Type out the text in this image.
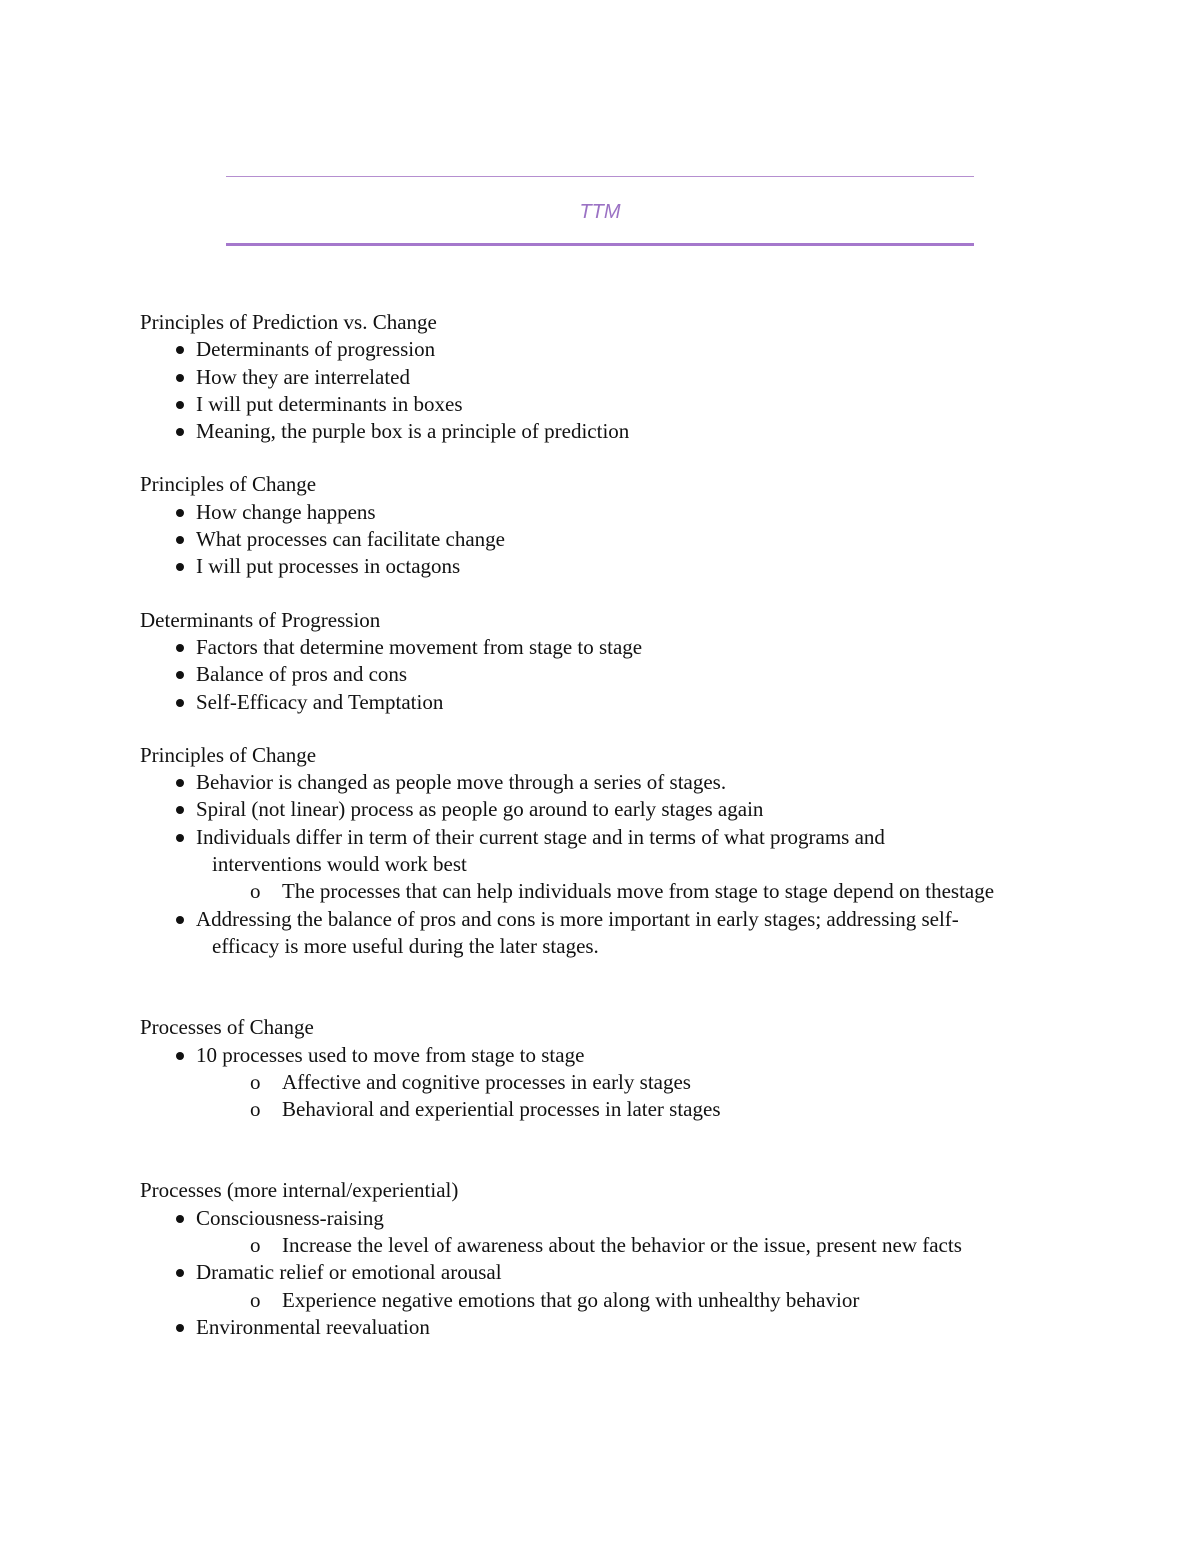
TTM

Principles of Prediction vs. Change

Determinants of progression
How they are interrelated
I will put determinants in boxes
Meaning, the purple box is a principle of prediction

Principles of Change

How change happens
What processes can facilitate change
I will put processes in octagons

Determinants of Progression

Factors that determine movement from stage to stage
Balance of pros and cons
Self-Efficacy and Temptation

Principles of Change

Behavior is changed as people move through a series of stages.
Spiral (not linear) process as people go around to early stages again
Individuals differ in term of their current stage and in terms of what programs and
interventions would work best
o The processes that can help individuals move from stage to stage depend on thestage
Addressing the balance of pros and cons is more important in early stages; addressing self-
efficacy is more useful during the later stages.

Processes of Change

10 processes used to move from stage to stage
o Affective and cognitive processes in early stages
o Behavioral and experiential processes in later stages

Processes (more internal/experiential)

Consciousness-raising
o Increase the level of awareness about the behavior or the issue, present new facts
Dramatic relief or emotional arousal
o Experience negative emotions that go along with unhealthy behavior
Environmental reevaluation
